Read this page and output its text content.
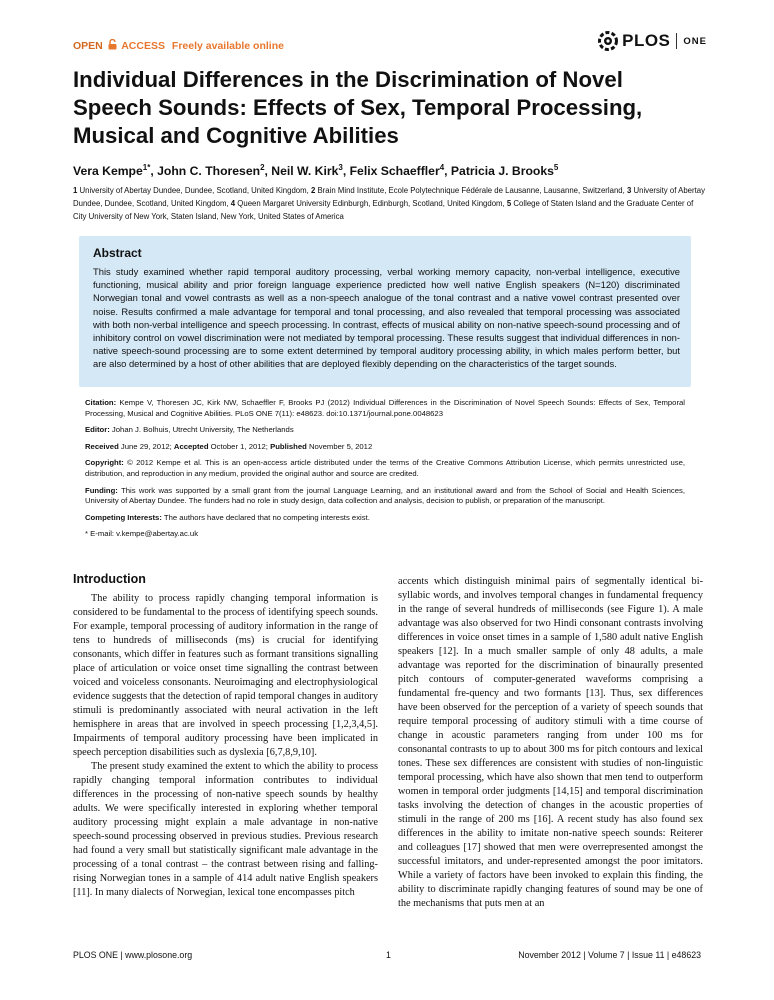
OPEN ACCESS Freely available online	PLOS ONE
Individual Differences in the Discrimination of Novel Speech Sounds: Effects of Sex, Temporal Processing, Musical and Cognitive Abilities

Vera Kempe$^{1*}$, John C. Thoresen$^2$, Neil W. Kirk$^3$, Felix Schaeffler$^4$, Patricia J. Brooks$^5$

1 University of Abertay Dundee, Dundee, Scotland, United Kingdom, 2 Brain Mind Institute, Ecole Polytechnique Fédérale de Lausanne, Lausanne, Switzerland, 3 University of Abertay Dundee, Dundee, Scotland, United Kingdom, 4 Queen Margaret University Edinburgh, Edinburgh, Scotland, United Kingdom, 5 College of Staten Island and the Graduate Center of City University of New York, Staten Island, New York, United States of America

Abstract

This study examined whether rapid temporal auditory processing, verbal working memory capacity, non-verbal intelligence, executive functioning, musical ability and prior foreign language experience predicted how well native English speakers (N=120) discriminated Norwegian tonal and vowel contrasts as well as a non-speech analogue of the tonal contrast and a native vowel contrast presented over noise. Results confirmed a male advantage for temporal and tonal processing, and also revealed that temporal processing was associated with both non-verbal intelligence and speech processing. In contrast, effects of musical ability on non-native speech-sound processing and of inhibitory control on vowel discrimination were not mediated by temporal processing. These results suggest that individual differences in non-native speech-sound processing are to some extent determined by temporal auditory processing ability, in which males perform better, but are also determined by a host of other abilities that are deployed flexibly depending on the characteristics of the target sounds.

Citation: Kempe V, Thoresen JC, Kirk NW, Schaeffler F, Brooks PJ (2012) Individual Differences in the Discrimination of Novel Speech Sounds: Effects of Sex, Temporal Processing, Musical and Cognitive Abilities. PLoS ONE 7(11): e48623. doi:10.1371/journal.pone.0048623

Editor: Johan J. Bolhuis, Utrecht University, The Netherlands

Received June 29, 2012; Accepted October 1, 2012; Published November 5, 2012

Copyright: © 2012 Kempe et al. This is an open-access article distributed under the terms of the Creative Commons Attribution License, which permits unrestricted use, distribution, and reproduction in any medium, provided the original author and source are credited.

Funding: This work was supported by a small grant from the journal Language Learning, and an institutional award and from the School of Social and Health Sciences, University of Abertay Dundee. The funders had no role in study design, data collection and analysis, decision to publish, or preparation of the manuscript.

Competing Interests: The authors have declared that no competing interests exist.

* E-mail: v.kempe@abertay.ac.uk

Introduction

The ability to process rapidly changing temporal information is considered to be fundamental to the process of identifying speech sounds. For example, temporal processing of auditory information in the range of tens to hundreds of milliseconds (ms) is crucial for identifying consonants, which differ in features such as formant transitions signalling place of articulation or voice onset time signalling the contrast between voiced and voiceless consonants. Neuroimaging and electrophysiological evidence suggests that the detection of rapid temporal changes in auditory stimuli is predominantly associated with neural activation in the left hemisphere in areas that are involved in speech processing [1,2,3,4,5]. Impairments of temporal auditory processing have been implicated in speech perception disabilities such as dyslexia [6,7,8,9,10].

The present study examined the extent to which the ability to process rapidly changing temporal information contributes to individual differences in the processing of non-native speech sounds by healthy adults. We were specifically interested in exploring whether temporal auditory processing might explain a male advantage in non-native speech-sound processing observed in previous studies. Previous research had found a very small but statistically significant male advantage in the processing of a tonal contrast – the contrast between rising and falling-rising Norwegian tones in a sample of 414 adult native English speakers [11]. In many dialects of Norwegian, lexical tone encompasses pitch

accents which distinguish minimal pairs of segmentally identical bi-syllabic words, and involves temporal changes in fundamental frequency in the range of several hundreds of milliseconds (see Figure 1). A male advantage was also observed for two Hindi consonant contrasts involving differences in voice onset times in a sample of 1,580 adult native English speakers [12]. In a much smaller sample of only 48 adults, a male advantage was reported for the discrimination of binaurally presented pitch contours of computer-generated waveforms comprising a fundamental fre-quency and two formants [13]. Thus, sex differences have been observed for the perception of a variety of speech sounds that require temporal processing of auditory stimuli with a time course of change in acoustic parameters ranging from under 100 ms for consonantal contrasts to up to about 300 ms for pitch contours and lexical tones. These sex differences are consistent with studies of non-linguistic temporal processing, which have also shown that men tend to outperform women in temporal order judgments [14,15] and temporal discrimination tasks involving the detection of changes in the acoustic properties of stimuli in the range of 200 ms [16]. A recent study has also found sex differences in the ability to imitate non-native speech sounds: Reiterer and colleagues [17] showed that men were overrepresented amongst the successful imitators, and under-represented amongst the poor imitators. While a variety of factors have been invoked to explain this finding, the ability to discriminate rapidly changing features of sound may be one of the mechanisms that puts men at an

PLOS ONE | www.plosone.org	1	November 2012 | Volume 7 | Issue 11 | e48623
